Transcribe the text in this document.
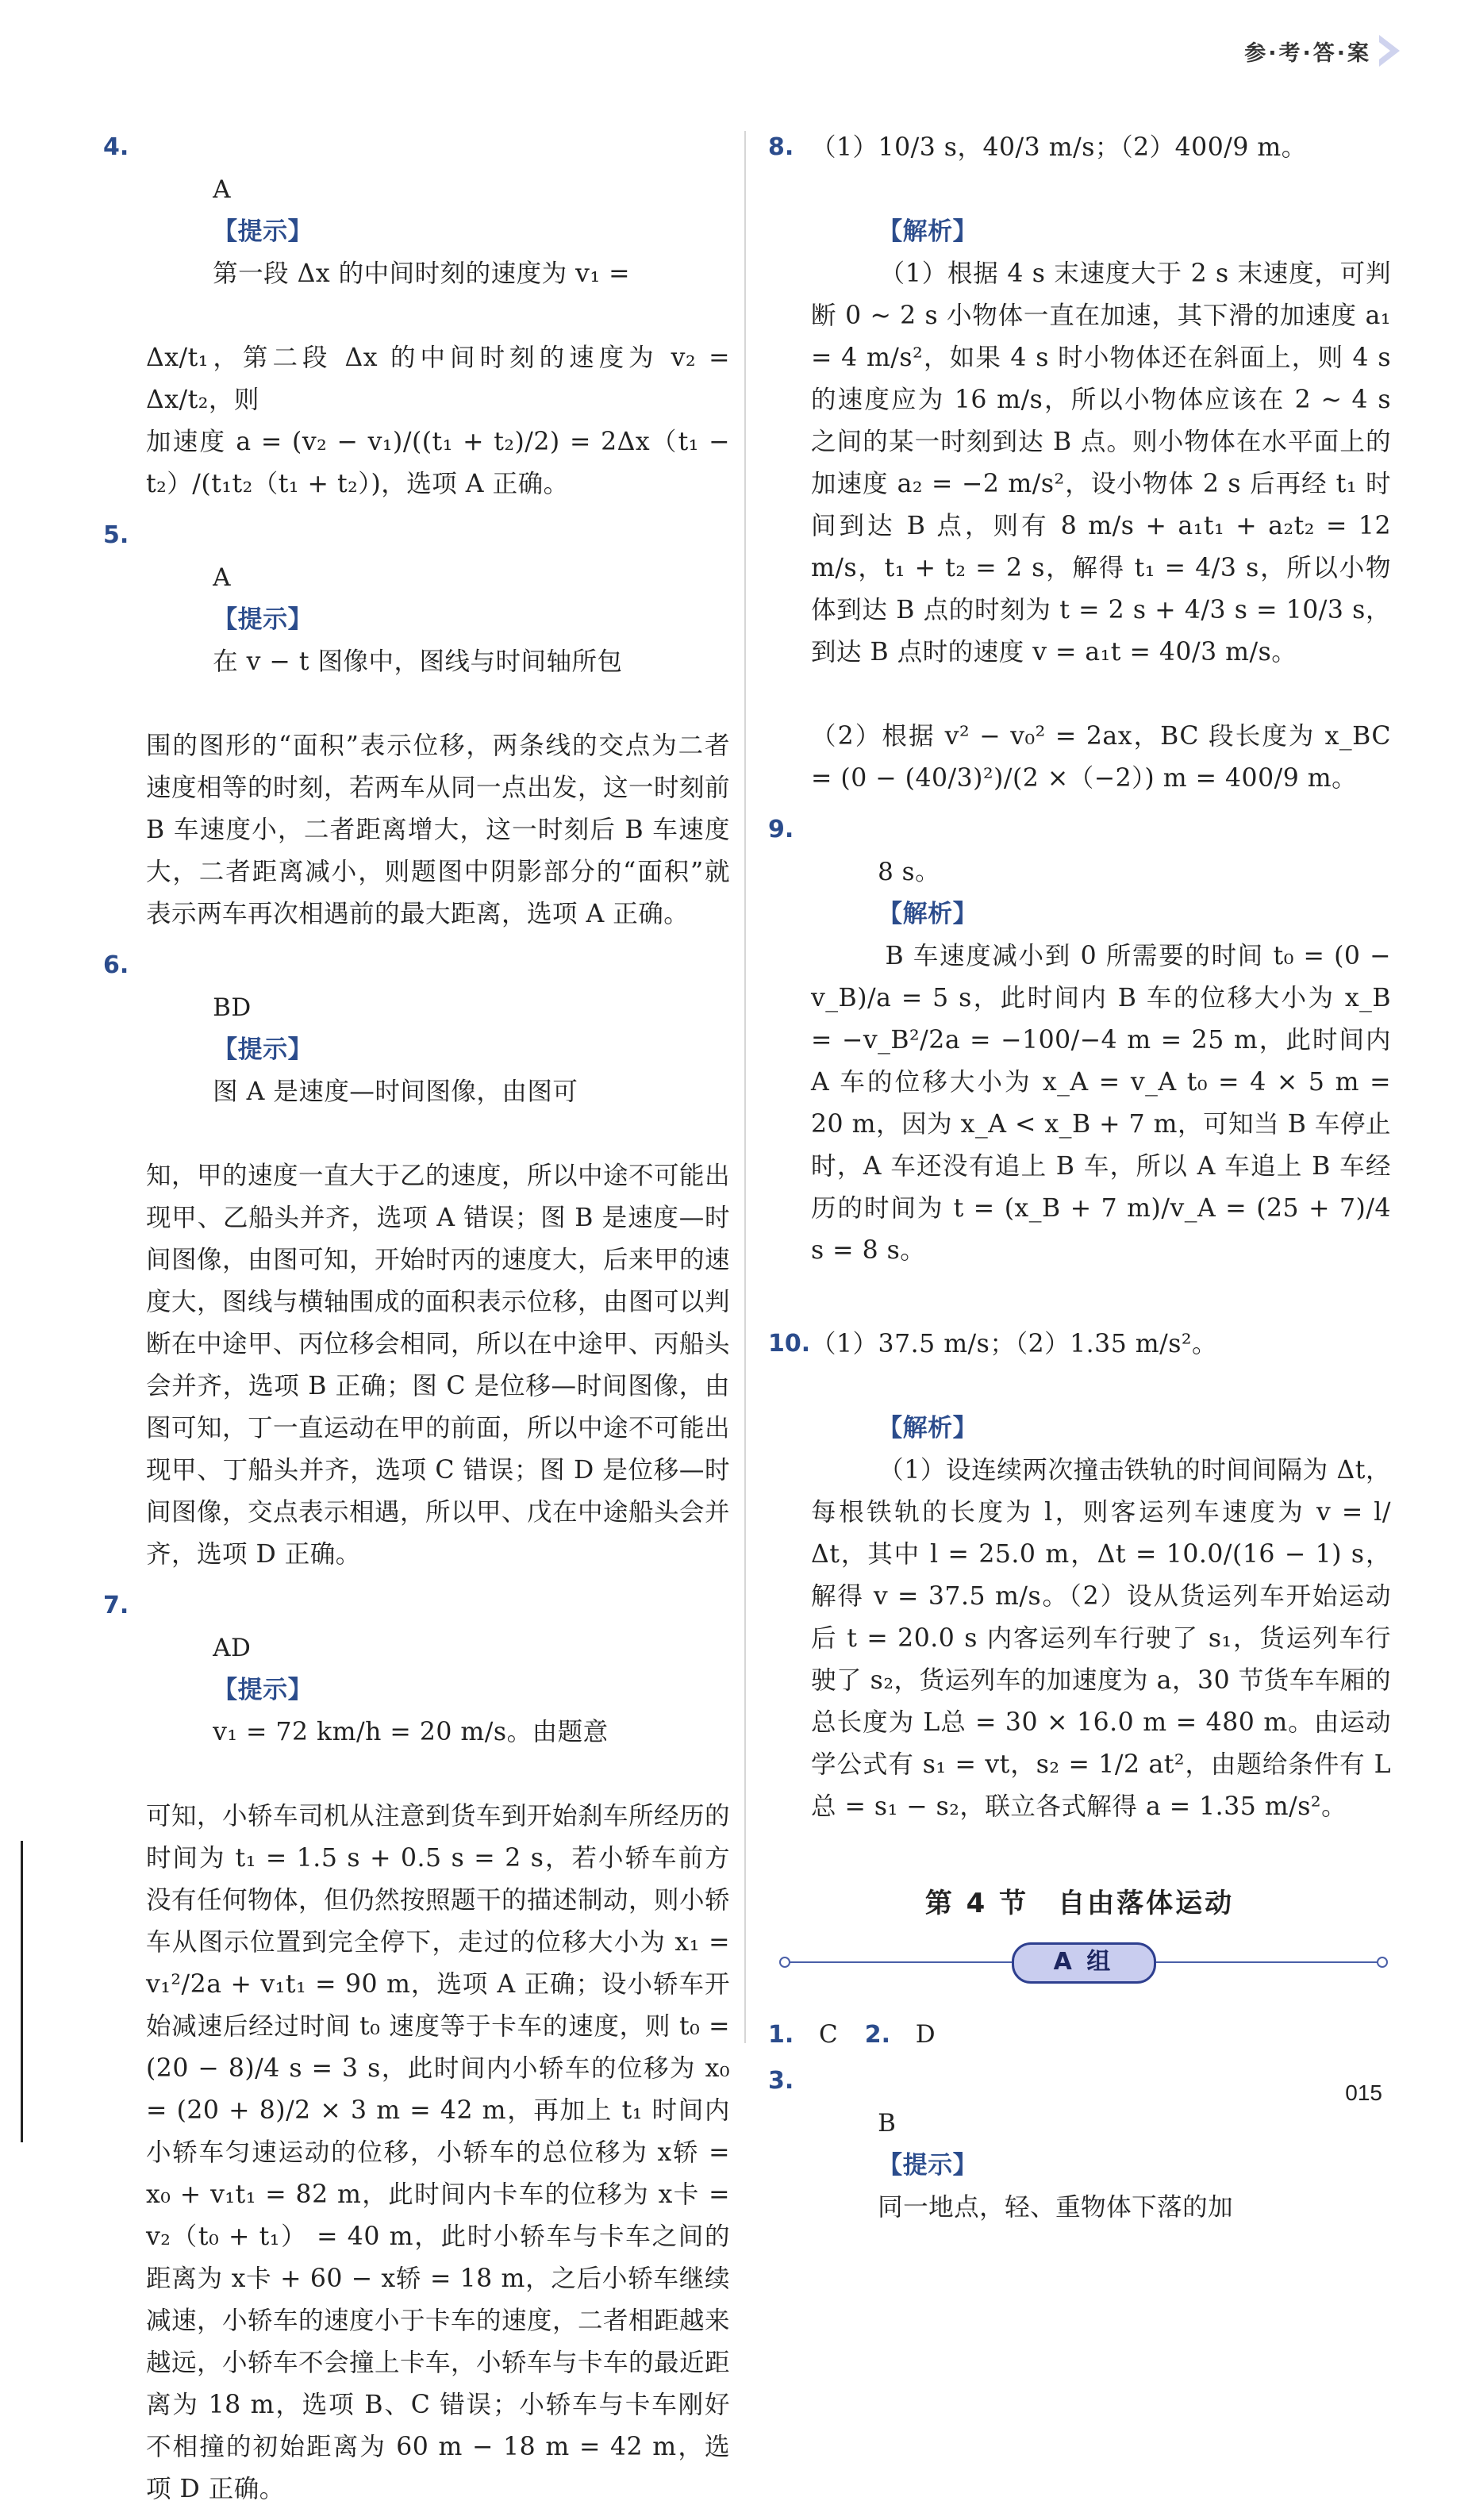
参·考·答·案
4.

A
【提示】
第一段 Δx 的中间时刻的速度为 v₁ =

Δx/t₁，第二段 Δx 的中间时刻的速度为 v₂ = Δx/t₂，则

加速度 a = (v₂ − v₁)/((t₁ + t₂)/2) = 2Δx（t₁ − t₂）/(t₁t₂（t₁ + t₂）)，选项 A 正确。

5.

A
【提示】
在 v − t 图像中，图线与时间轴所包

围的图形的“面积”表示位移，两条线的交点为二者速度相等的时刻，若两车从同一点出发，这一时刻前 B 车速度小，二者距离增大，这一时刻后 B 车速度大，二者距离减小，则题图中阴影部分的“面积”就表示两车再次相遇前的最大距离，选项 A 正确。

6.

BD
【提示】
图 A 是速度—时间图像，由图可

知，甲的速度一直大于乙的速度，所以中途不可能出现甲、乙船头并齐，选项 A 错误；图 B 是速度—时间图像，由图可知，开始时丙的速度大，后来甲的速度大，图线与横轴围成的面积表示位移，由图可以判断在中途甲、丙位移会相同，所以在中途甲、丙船头会并齐，选项 B 正确；图 C 是位移—时间图像，由图可知，丁一直运动在甲的前面，所以中途不可能出现甲、丁船头并齐，选项 C 错误；图 D 是位移—时间图像，交点表示相遇，所以甲、戊在中途船头会并齐，选项 D 正确。

7.

AD
【提示】
v₁ = 72 km/h = 20 m/s。由题意

可知，小轿车司机从注意到货车到开始刹车所经历的时间为 t₁ = 1.5 s + 0.5 s = 2 s，若小轿车前方没有任何物体，但仍然按照题干的描述制动，则小轿车从图示位置到完全停下，走过的位移大小为 x₁ = v₁²/2a + v₁t₁ = 90 m，选项 A 正确；设小轿车开始减速后经过时间 t₀ 速度等于卡车的速度，则 t₀ = (20 − 8)/4 s = 3 s，此时间内小轿车的位移为 x₀ = (20 + 8)/2 × 3 m = 42 m，再加上 t₁ 时间内小轿车匀速运动的位移，小轿车的总位移为 x轿 = x₀ + v₁t₁ = 82 m，此时间内卡车的位移为 x卡 = v₂（t₀ + t₁） = 40 m，此时小轿车与卡车之间的距离为 x卡 + 60 − x轿 = 18 m，之后小轿车继续减速，小轿车的速度小于卡车的速度，二者相距越来越远，小轿车不会撞上卡车，小轿车与卡车的最近距离为 18 m，选项 B、C 错误；小轿车与卡车刚好不相撞的初始距离为 60 m − 18 m = 42 m，选项 D 正确。

8. （1）10/3 s，40/3 m/s；（2）400/9 m。

【解析】
（1）根据 4 s 末速度大于 2 s 末速度，可判断 0 ~ 2 s 小物体一直在加速，其下滑的加速度 a₁ = 4 m/s²，如果 4 s 时小物体还在斜面上，则 4 s 的速度应为 16 m/s，所以小物体应该在 2 ~ 4 s 之间的某一时刻到达 B 点。则小物体在水平面上的加速度 a₂ = −2 m/s²，设小物体 2 s 后再经 t₁ 时间到达 B 点，则有 8 m/s + a₁t₁ + a₂t₂ = 12 m/s，t₁ + t₂ = 2 s，解得 t₁ = 4/3 s，所以小物体到达 B 点的时刻为 t = 2 s + 4/3 s = 10/3 s，到达 B 点时的速度 v = a₁t = 40/3 m/s。

（2）根据 v² − v₀² = 2ax，BC 段长度为 x_BC = (0 − (40/3)²)/(2 ×（−2）) m = 400/9 m。

9.

8 s。
【解析】
B 车速度减小到 0 所需要的时间 t₀ = (0 − v_B)/a = 5 s，此时间内 B 车的位移大小为 x_B = −v_B²/2a = −100/−4 m = 25 m，此时间内 A 车的位移大小为 x_A = v_A t₀ = 4 × 5 m = 20 m，因为 x_A < x_B + 7 m，可知当 B 车停止时，A 车还没有追上 B 车，所以 A 车追上 B 车经历的时间为 t = (x_B + 7 m)/v_A = (25 + 7)/4 s = 8 s。

10. （1）37.5 m/s；（2）1.35 m/s²。

【解析】
（1）设连续两次撞击铁轨的时间间隔为 Δt，每根铁轨的长度为 l，则客运列车速度为 v = l/Δt，其中 l = 25.0 m，Δt = 10.0/(16 − 1) s，解得 v = 37.5 m/s。（2）设从货运列车开始运动后 t = 20.0 s 内客运列车行驶了 s₁，货运列车行驶了 s₂，货运列车的加速度为 a，30 节货车车厢的总长度为 L总 = 30 × 16.0 m = 480 m。由运动学公式有 s₁ = vt，s₂ = 1/2 at²，由题给条件有 L总 = s₁ − s₂，联立各式解得 a = 1.35 m/s²。

第 4 节　自由落体运动
A 组
1. C 2. D
3.

B
【提示】
同一地点，轻、重物体下落的加

015
